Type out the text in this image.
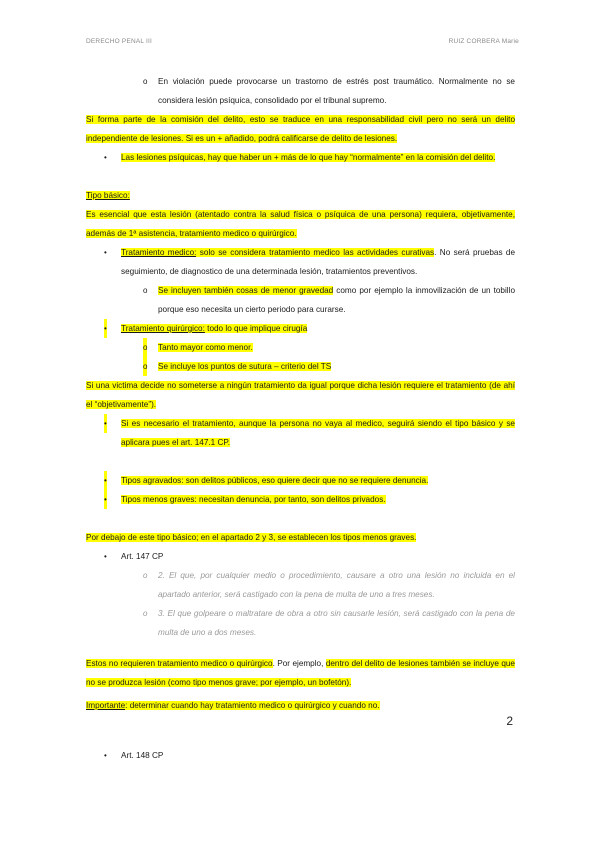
DERECHO PENAL III	RUIZ CORBERA Marie
o En violación puede provocarse un trastorno de estrés post traumático. Normalmente no se considera lesión psíquica, consolidado por el tribunal supremo.

Si forma parte de la comisión del delito, esto se traduce en una responsabilidad civil pero no será un delito independiente de lesiones. Si es un + añadido, podrá calificarse de delito de lesiones.

• Las lesiones psíquicas, hay que haber un + más de lo que hay “normalmente” en la comisión del delito.

Tipo básico:

Es esencial que esta lesión (atentado contra la salud física o psíquica de una persona) requiera, objetivamente, además de 1ª asistencia, tratamiento medico o quirúrgico.

• Tratamiento medico: solo se considera tratamiento medico las actividades curativas. No será pruebas de seguimiento, de diagnostico de una determinada lesión, tratamientos preventivos.

o Se incluyen también cosas de menor gravedad como por ejemplo la inmovilización de un tobillo porque eso necesita un cierto periodo para curarse.

• Tratamiento quirúrgico: todo lo que implique cirugía

o Tanto mayor como menor.

o Se incluye los puntos de sutura – criterio del TS

Si una victima decide no someterse a ningún tratamiento da igual porque dicha lesión requiere el tratamiento (de ahí el “objetivamente”).

• Si es necesario el tratamiento, aunque la persona no vaya al medico, seguirá siendo el tipo básico y se aplicara pues el art. 147.1 CP.

• Tipos agravados: son delitos públicos, eso quiere decir que no se requiere denuncia.

• Tipos menos graves: necesitan denuncia, por tanto, son delitos privados.

Por debajo de este tipo básico; en el apartado 2 y 3, se establecen los tipos menos graves.

• Art. 147 CP

o 2. El que, por cualquier medio o procedimiento, causare a otro una lesión no incluida en el apartado anterior, será castigado con la pena de multa de uno a tres meses.

o 3. El que golpeare o maltratare de obra a otro sin causarle lesión, será castigado con la pena de multa de uno a dos meses.

Estos no requieren tratamiento medico o quirúrgico. Por ejemplo, dentro del delito de lesiones también se incluye que no se produzca lesión (como tipo menos grave; por ejemplo, un bofetón).

Importante: determinar cuando hay tratamiento medico o quirúrgico y cuando no.

• Art. 148 CP

2
